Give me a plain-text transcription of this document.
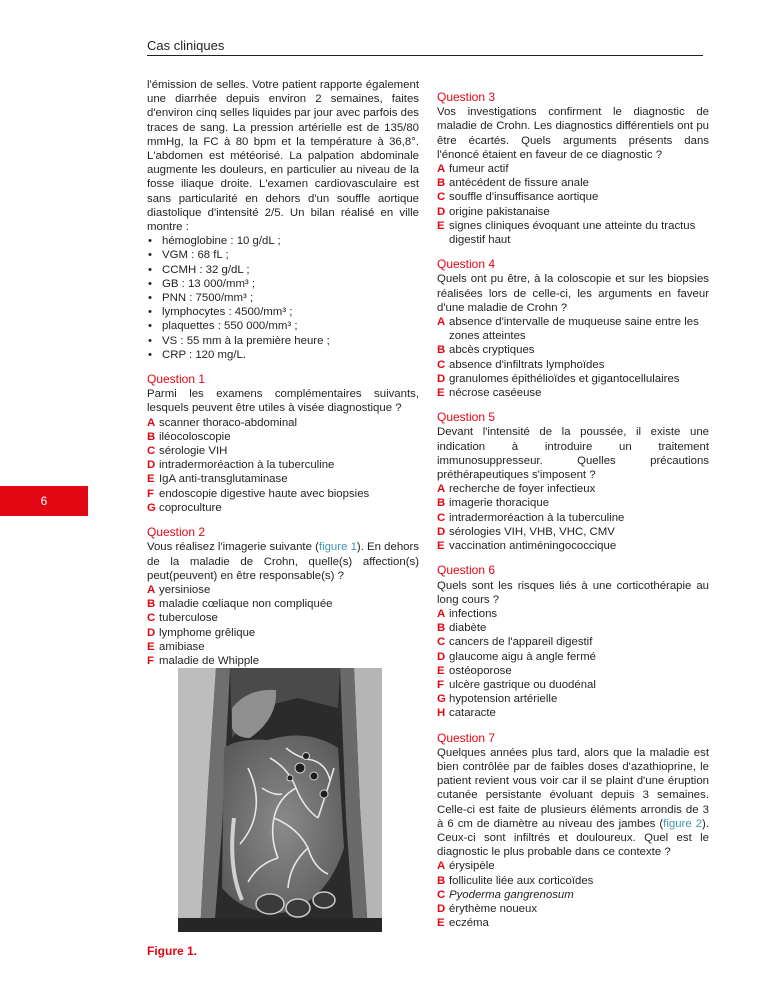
Cas cliniques
6

l'émission de selles. Votre patient rapporte également une diarrhée depuis environ 2 semaines, faites d'environ cinq selles liquides par jour avec parfois des traces de sang. La pression artérielle est de 135/80 mmHg, la FC à 80 bpm et la température à 36,8°. L'abdomen est météorisé. La palpation abdominale augmente les douleurs, en particulier au niveau de la fosse iliaque droite. L'examen cardiovasculaire est sans particularité en dehors d'un souffle aortique diastolique d'intensité 2/5. Un bilan réalisé en ville montre :

• hémoglobine : 10 g/dL ;
• VGM : 68 fL ;
• CCMH : 32 g/dL ;
• GB : 13 000/mm³ ;
• PNN : 7500/mm³ ;
• lymphocytes : 4500/mm³ ;
• plaquettes : 550 000/mm³ ;
• VS : 55 mm à la première heure ;
• CRP : 120 mg/L.
Question 1

Parmi les examens complémentaires suivants, lesquels peuvent être utiles à visée diagnostique ?

A scanner thoraco-abdominal
B iléocoloscopie
C sérologie VIH
D intradermoréaction à la tuberculine
E IgA anti-transglutaminase
F endoscopie digestive haute avec biopsies
G coproculture
Question 2

Vous réalisez l'imagerie suivante (figure 1). En dehors de la maladie de Crohn, quelle(s) affection(s) peut(peuvent) en être responsable(s) ?

A yersiniose
B maladie cœliaque non compliquée
C tuberculose
D lymphome grêlique
E amibiase
F maladie de Whipple
Figure 1.
Question 3

Vos investigations confirment le diagnostic de maladie de Crohn. Les diagnostics différentiels ont pu être écartés. Quels arguments présents dans l'énoncé étaient en faveur de ce diagnostic ?

A fumeur actif
B antécédent de fissure anale
C souffle d'insuffisance aortique
D origine pakistanaise
E signes cliniques évoquant une atteinte du tractus digestif haut
Question 4

Quels ont pu être, à la coloscopie et sur les biopsies réalisées lors de celle-ci, les arguments en faveur d'une maladie de Crohn ?

A absence d'intervalle de muqueuse saine entre les zones atteintes
B abcès cryptiques
C absence d'infiltrats lymphoïdes
D granulomes épithélioïdes et gigantocellulaires
E nécrose caséeuse
Question 5

Devant l'intensité de la poussée, il existe une indication à introduire un traitement immunosuppresseur. Quelles précautions préthérapeutiques s'imposent ?

A recherche de foyer infectieux
B imagerie thoracique
C intradermoréaction à la tuberculine
D sérologies VIH, VHB, VHC, CMV
E vaccination antiméningococcique
Question 6

Quels sont les risques liés à une corticothérapie au long cours ?

A infections
B diabète
C cancers de l'appareil digestif
D glaucome aigu à angle fermé
E ostéoporose
F ulcère gastrique ou duodénal
G hypotension artérielle
H cataracte
Question 7

Quelques années plus tard, alors que la maladie est bien contrôlée par de faibles doses d'azathioprine, le patient revient vous voir car il se plaint d'une éruption cutanée persistante évoluant depuis 3 semaines. Celle-ci est faite de plusieurs éléments arrondis de 3 à 6 cm de diamètre au niveau des jambes (figure 2). Ceux-ci sont infiltrés et douloureux. Quel est le diagnostic le plus probable dans ce contexte ?

A érysipèle
B folliculite liée aux corticoïdes
C Pyoderma gangrenosum
D érythème noueux
E eczéma
